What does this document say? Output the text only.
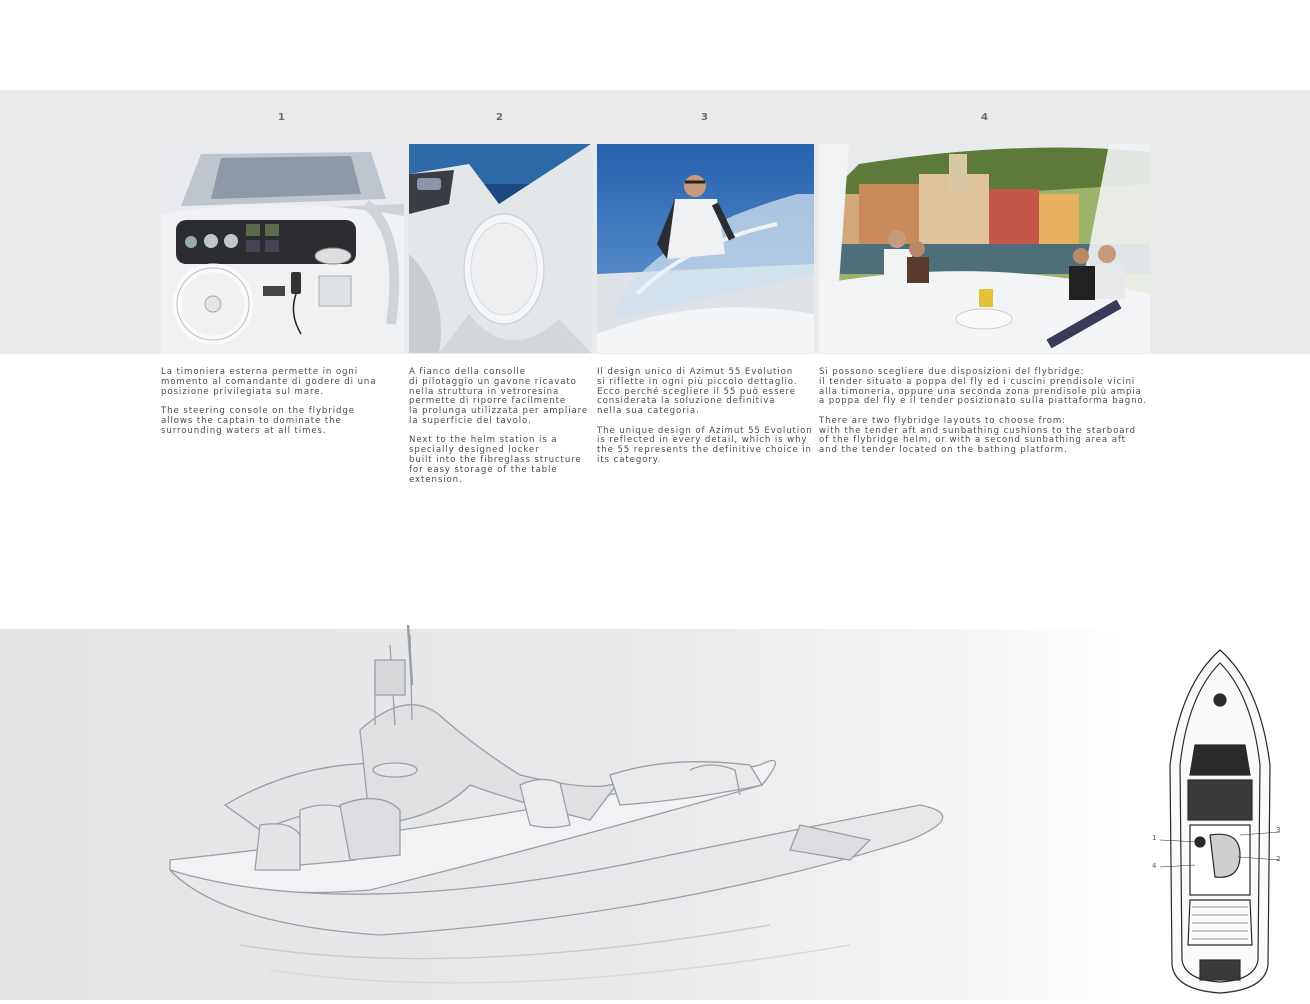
1	2	3	4

La timoniera esterna permette in ogni
momento al comandante di godere di una
posizione privilegiata sul mare.

The steering console on the flybridge
allows the captain to dominate the
surrounding waters at all times.

A fianco della consolle
di pilotaggio un gavone ricavato
nella struttura in vetroresina
permette di riporre facilmente
la prolunga utilizzata per ampliare
la superficie del tavolo.

Next to the helm station is a
specially designed locker
built into the fibreglass structure
for easy storage of the table
extension.

Il design unico di Azimut 55 Evolution
si riflette in ogni più piccolo dettaglio.
Ecco perché scegliere il 55 può essere
considerata la soluzione definitiva
nella sua categoria.

The unique design of Azimut 55 Evolution
is reflected in every detail, which is why
the 55 represents the definitive choice in
its category.

Si possono scegliere due disposizioni del flybridge:
il tender situato a poppa del fly ed i cuscini prendisole vicini
alla timoneria, oppure una seconda zona prendisole più ampia
a poppa del fly e il tender posizionato sulla piattaforma bagno.

There are two flybridge layouts to choose from:
with the tender aft and sunbathing cushions to the starboard
of the flybridge helm, or with a second sunbathing area aft
and the tender located on the bathing platform.

1
3
2
4
